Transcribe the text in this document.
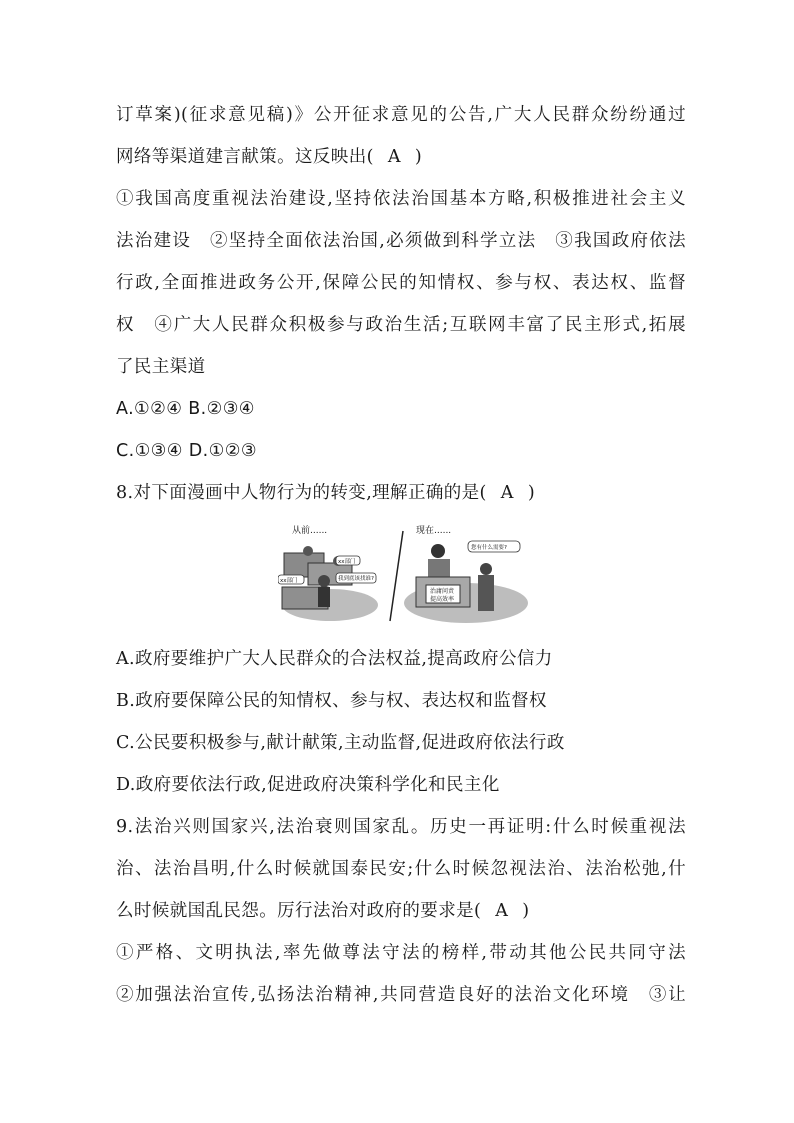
订草案)(征求意见稿)》公开征求意见的公告,广大人民群众纷纷通过
网络等渠道建言献策。这反映出( A )
①我国高度重视法治建设,坚持依法治国基本方略,积极推进社会主义
法治建设　②坚持全面依法治国,必须做到科学立法　③我国政府依法
行政,全面推进政务公开,保障公民的知情权、参与权、表达权、监督
权　④广大人民群众积极参与政治生活;互联网丰富了民主形式,拓展
了民主渠道
A.①②④ B.②③④
C.①③④ D.①②③
8.对下面漫画中人物行为的转变,理解正确的是( A )
从前......
xx部门
xx部门	我到底该找谁?
现在......
您有什么需要?
治庸问责
提高效率
A.政府要维护广大人民群众的合法权益,提高政府公信力
B.政府要保障公民的知情权、参与权、表达权和监督权
C.公民要积极参与,献计献策,主动监督,促进政府依法行政
D.政府要依法行政,促进政府决策科学化和民主化
9.法治兴则国家兴,法治衰则国家乱。历史一再证明:什么时候重视法
治、法治昌明,什么时候就国泰民安;什么时候忽视法治、法治松弛,什
么时候就国乱民怨。厉行法治对政府的要求是( A )
①严格、文明执法,率先做尊法守法的榜样,带动其他公民共同守法
②加强法治宣传,弘扬法治精神,共同营造良好的法治文化环境　③让
